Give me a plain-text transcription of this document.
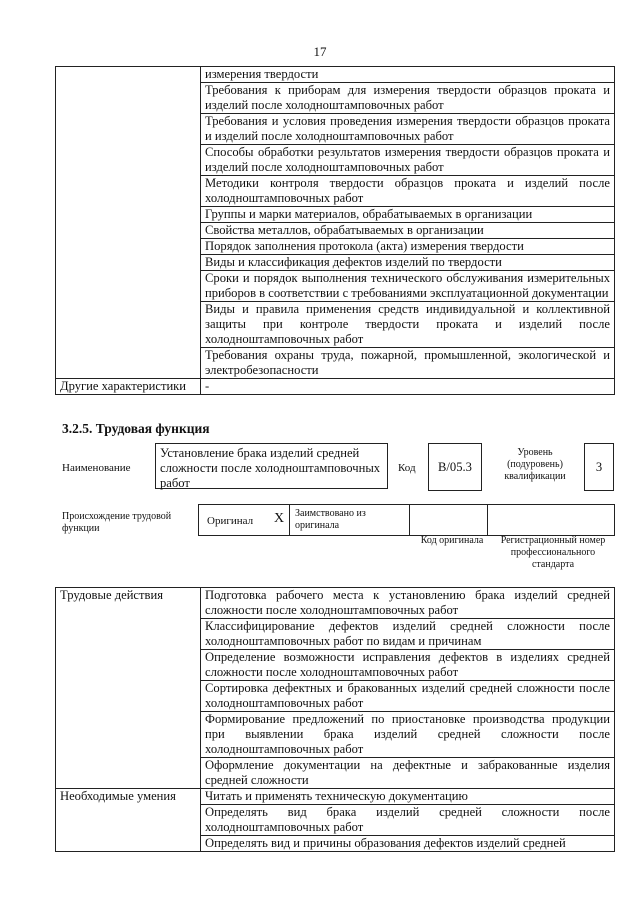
17
	измерения твердости
	Требования к приборам для измерения твердости образцов проката и изделий после холодноштамповочных работ
	Требования и условия проведения измерения твердости образцов проката и изделий после холодноштамповочных работ
	Способы обработки результатов измерения твердости образцов проката и изделий после холодноштамповочных работ
	Методики контроля твердости образцов проката и изделий после холодноштамповочных работ
	Группы и марки материалов, обрабатываемых в организации
	Свойства металлов, обрабатываемых в организации
	Порядок заполнения протокола (акта) измерения твердости
	Виды и классификация дефектов изделий по твердости
	Сроки и порядок выполнения технического обслуживания измерительных приборов в соответствии с требованиями эксплуатационной документации
	Виды и правила применения средств индивидуальной и коллективной защиты при контроле твердости проката и изделий после холодноштамповочных работ
	Требования охраны труда, пожарной, промышленной, экологической и электробезопасности
Другие характеристики	-
3.2.5. Трудовая функция
Наименование
Установление брака изделий средней сложности после холодноштамповочных работ
Код	B/05.3
Уровень (подуровень) квалификации
3
Происхождение трудовой функции
Оригинал X Заимствовано из оригинала
Код оригинала	Регистрационный номер профессионального стандарта
Трудовые действия	Подготовка рабочего места к установлению брака изделий средней сложности после холодноштамповочных работ
	Классифицирование дефектов изделий средней сложности после холодноштамповочных работ по видам и причинам
	Определение возможности исправления дефектов в изделиях средней сложности после холодноштамповочных работ
	Сортировка дефектных и бракованных изделий средней сложности после холодноштамповочных работ
	Формирование предложений по приостановке производства продукции при выявлении брака изделий средней сложности после холодноштамповочных работ
	Оформление документации на дефектные и забракованные изделия средней сложности
Необходимые умения	Читать и применять техническую документацию
	Определять вид брака изделий средней сложности после холодноштамповочных работ
	Определять вид и причины образования дефектов изделий средней
